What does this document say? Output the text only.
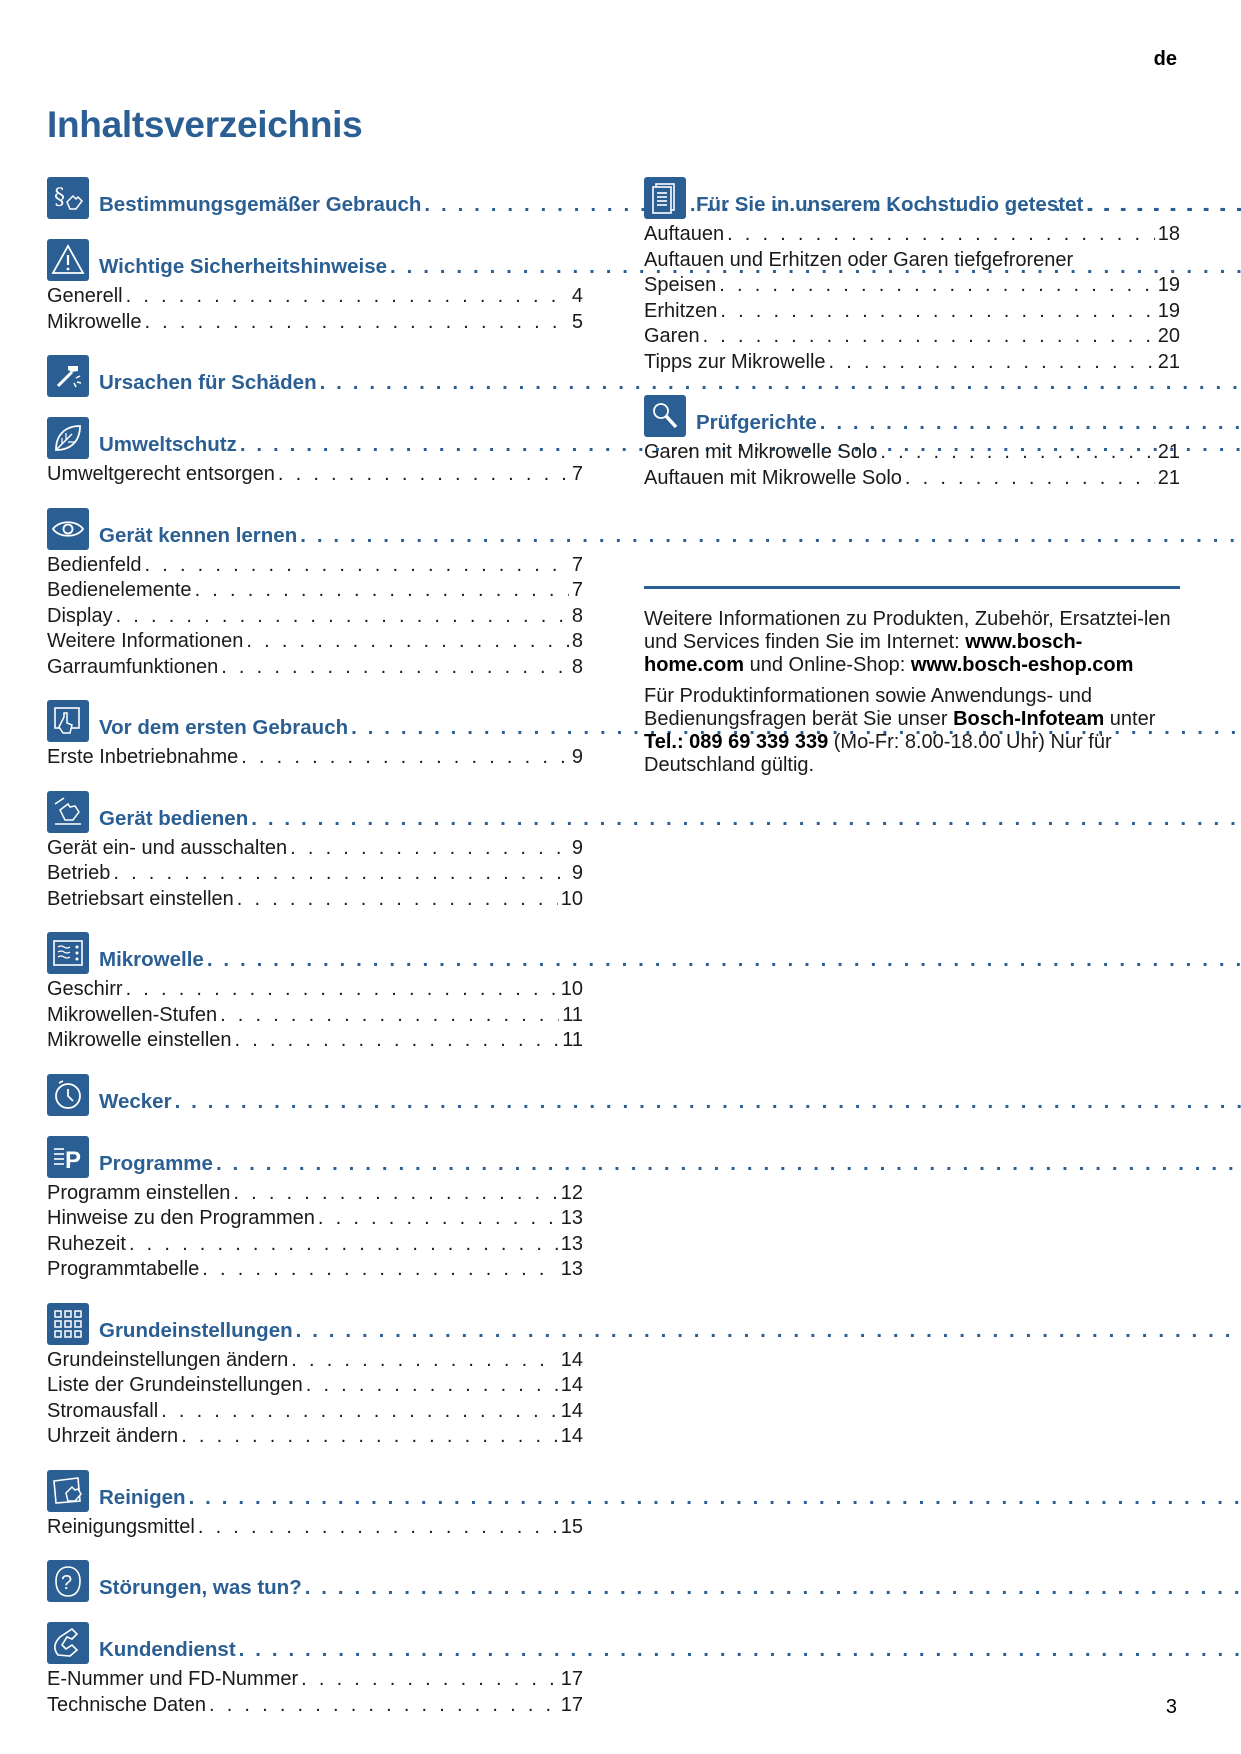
de
Inhaltsverzeichnis
§ Bestimmungsgemäßer Gebrauch
. . .
Wichtige Sicherheitshinweise
. . .
Generell . . .	4
Mikrowelle . . .	5
Ursachen für Schäden
. . .
Umweltschutz
. . .
Umweltgerecht entsorgen . . .	7
Gerät kennen lernen
. . .
Bedienfeld . . .	7
Bedienelemente . . .	7
Display . . .	8
Weitere Informationen . . .	8
Garraumfunktionen . . .	8
Vor dem ersten Gebrauch
. . .
Erste Inbetriebnahme . . .	9
Gerät bedienen
. . .
Gerät ein- und ausschalten . . .	9
Betrieb . . .	9
Betriebsart einstellen . . .	10
Mikrowelle
. . .
Geschirr . . .	10
Mikrowellen-Stufen . . .	11
Mikrowelle einstellen . . .	11
Wecker
. . .
P Programme
. . .
Programm einstellen . . .	12
Hinweise zu den Programmen . . .	13
Ruhezeit . . .	13
Programmtabelle . . .	13
Grundeinstellungen
. . .
Grundeinstellungen ändern . . .	14
Liste der Grundeinstellungen . . .	14
Stromausfall . . .	14
Uhrzeit ändern . . .	14
Reinigen
. . .
Reinigungsmittel . . .	15
? Störungen, was tun?
. . .
Kundendienst
. . .
E-Nummer und FD-Nummer . . .	17
Technische Daten . . .	17
Für Sie in unserem Kochstudio getestet
. . .
Auftauen . . .	18
Auftauen und Erhitzen oder Garen tiefgefrorener
Speisen . . .	19
Erhitzen . . .	19
Garen . . .	20
Tipps zur Mikrowelle . . .	21
Prüfgerichte
. . .
Garen mit Mikrowelle Solo . . .	21
Auftauen mit Mikrowelle Solo . . .	21

Weitere Informationen zu Produkten, Zubehör, Ersatztei-len und Services finden Sie im Internet: www.bosch-home.com und Online-Shop: www.bosch-eshop.com

Für Produktinformationen sowie Anwendungs- und Bedienungsfragen berät Sie unser Bosch-Infoteam unter Tel.: 089 69 339 339 (Mo-Fr: 8.00-18.00 Uhr) Nur für Deutschland gültig.

3
